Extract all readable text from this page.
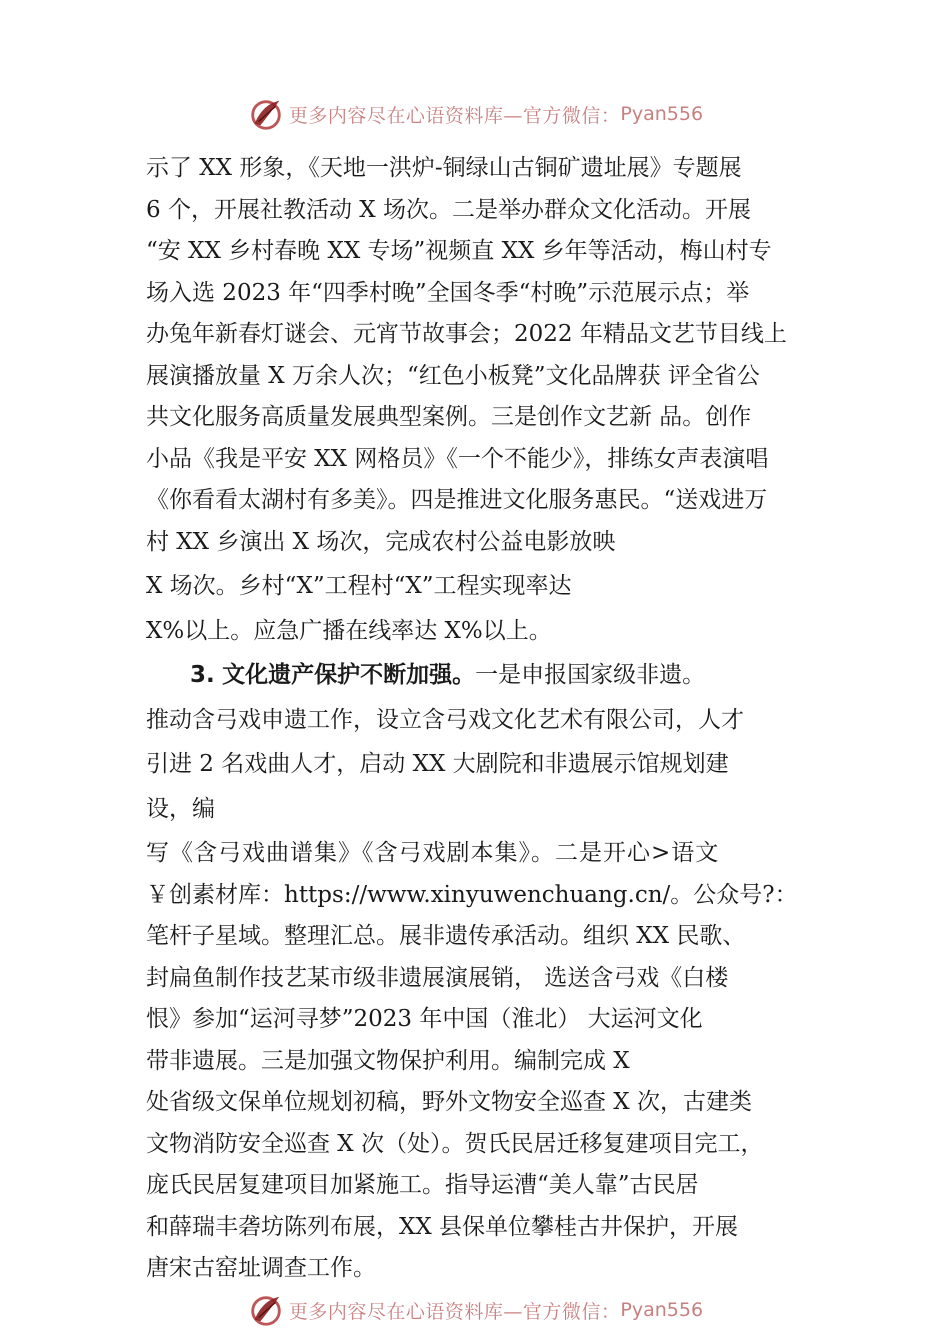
更多内容尽在心语资料库—官方微信： Pyan556
示了 XX 形象，《天地一洪炉-铜绿山古铜矿遗址展》专题展
6 个，开展社教活动 X 场次。二是举办群众文化活动。开展
“安 XX 乡村春晚 XX 专场”视频直 XX 乡年等活动，梅山村专
场入选 2023 年“四季村晚”全国冬季“村晚”示范展示点；举
办兔年新春灯谜会、元宵节故事会；2022 年精品文艺节目线上
展演播放量 X 万余人次；“红色小板凳”文化品牌获 评全省公
共文化服务高质量发展典型案例。三是创作文艺新 品。创作
小品《我是平安 XX 网格员》《一个不能少》，排练女声表演唱
《你看看太湖村有多美》。四是推进文化服务惠民。“送戏进万
村 XX 乡演出 X 场次，完成农村公益电影放映
X 场次。乡村“X”工程村“X”工程实现率达
X%以上。应急广播在线率达 X%以上。
3. 文化遗产保护不断加强。一是申报国家级非遗。
推动含弓戏申遗工作，设立含弓戏文化艺术有限公司，人才
引进 2 名戏曲人才，启动 XX 大剧院和非遗展示馆规划建
设，编
写《含弓戏曲谱集》《含弓戏剧本集》。二是开心>语文
￥创素材库：https://www.xinyuwenchuang.cn/。公众号?：
笔杆子星域。整理汇总。展非遗传承活动。组织 XX 民歌、
封扁鱼制作技艺某市级非遗展演展销， 选送含弓戏《白楼
恨》参加“运河寻梦”2023 年中国（淮北） 大运河文化
带非遗展。三是加强文物保护利用。编制完成 X
处省级文保单位规划初稿，野外文物安全巡查 X 次，古建类
文物消防安全巡查 X 次（处）。贺氏民居迁移复建项目完工，
庞氏民居复建项目加紧施工。指导运漕“美人靠”古民居
和薛瑞丰砻坊陈列布展，XX 县保单位攀桂古井保护，开展
唐宋古窑址调查工作。
更多内容尽在心语资料库—官方微信： Pyan556
